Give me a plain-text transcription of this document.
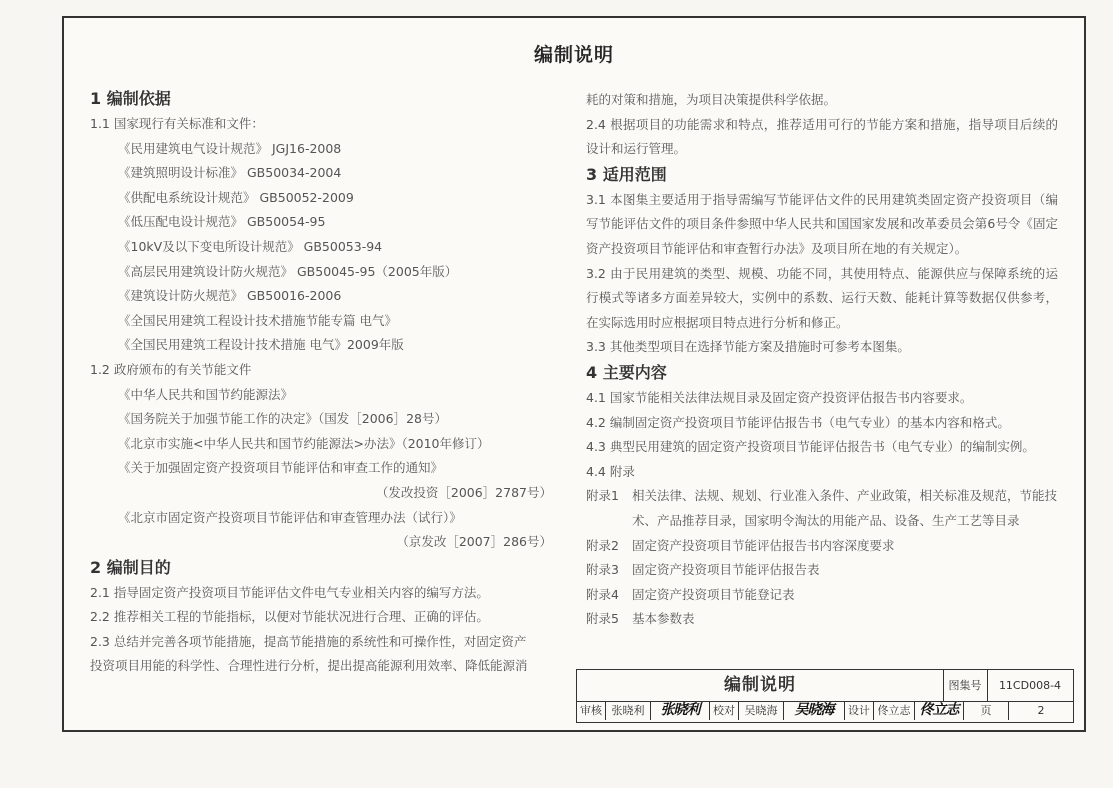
编制说明
1 编制依据
1.1 国家现行有关标准和文件：
《民用建筑电气设计规范》 JGJ16-2008
《建筑照明设计标准》 GB50034-2004
《供配电系统设计规范》 GB50052-2009
《低压配电设计规范》 GB50054-95
《10kV及以下变电所设计规范》 GB50053-94
《高层民用建筑设计防火规范》 GB50045-95（2005年版）
《建筑设计防火规范》 GB50016-2006
《全国民用建筑工程设计技术措施节能专篇 电气》
《全国民用建筑工程设计技术措施 电气》2009年版
1.2 政府颁布的有关节能文件
《中华人民共和国节约能源法》
《国务院关于加强节能工作的决定》（国发［2006］28号）
《北京市实施<中华人民共和国节约能源法>办法》（2010年修订）
《关于加强固定资产投资项目节能评估和审查工作的通知》
（发改投资［2006］2787号）
《北京市固定资产投资项目节能评估和审查管理办法（试行）》
（京发改［2007］286号）
2 编制目的
2.1 指导固定资产投资项目节能评估文件电气专业相关内容的编写方法。
2.2 推荐相关工程的节能指标，以便对节能状况进行合理、正确的评估。
2.3 总结并完善各项节能措施，提高节能措施的系统性和可操作性，对固定资产
投资项目用能的科学性、合理性进行分析，提出提高能源利用效率、降低能源消
耗的对策和措施，为项目决策提供科学依据。
2.4 根据项目的功能需求和特点，推荐适用可行的节能方案和措施，指导项目后续的设计和运行管理。
3 适用范围
3.1 本图集主要适用于指导需编写节能评估文件的民用建筑类固定资产投资项目（编写节能评估文件的项目条件参照中华人民共和国国家发展和改革委员会第6号令《固定资产投资项目节能评估和审查暂行办法》及项目所在地的有关规定）。
3.2 由于民用建筑的类型、规模、功能不同，其使用特点、能源供应与保障系统的运行模式等诸多方面差异较大，实例中的系数、运行天数、能耗计算等数据仅供参考，在实际选用时应根据项目特点进行分析和修正。
3.3 其他类型项目在选择节能方案及措施时可参考本图集。
4 主要内容
4.1 国家节能相关法律法规目录及固定资产投资评估报告书内容要求。
4.2 编制固定资产投资项目节能评估报告书（电气专业）的基本内容和格式。
4.3 典型民用建筑的固定资产投资项目节能评估报告书（电气专业）的编制实例。
4.4 附录
附录1	相关法律、法规、规划、行业准入条件、产业政策，相关标准及规范，节能技术、产品推荐目录，国家明令淘汰的用能产品、设备、生产工艺等目录
附录2	固定资产投资项目节能评估报告书内容深度要求
附录3	固定资产投资项目节能评估报告表
附录4	固定资产投资项目节能登记表
附录5	基本参数表
编制说明	图集号	11CD008-4
审核 张晓利	张晓利	校对 吴晓海	吴晓海	设计 佟立志 佟立志	页	2
